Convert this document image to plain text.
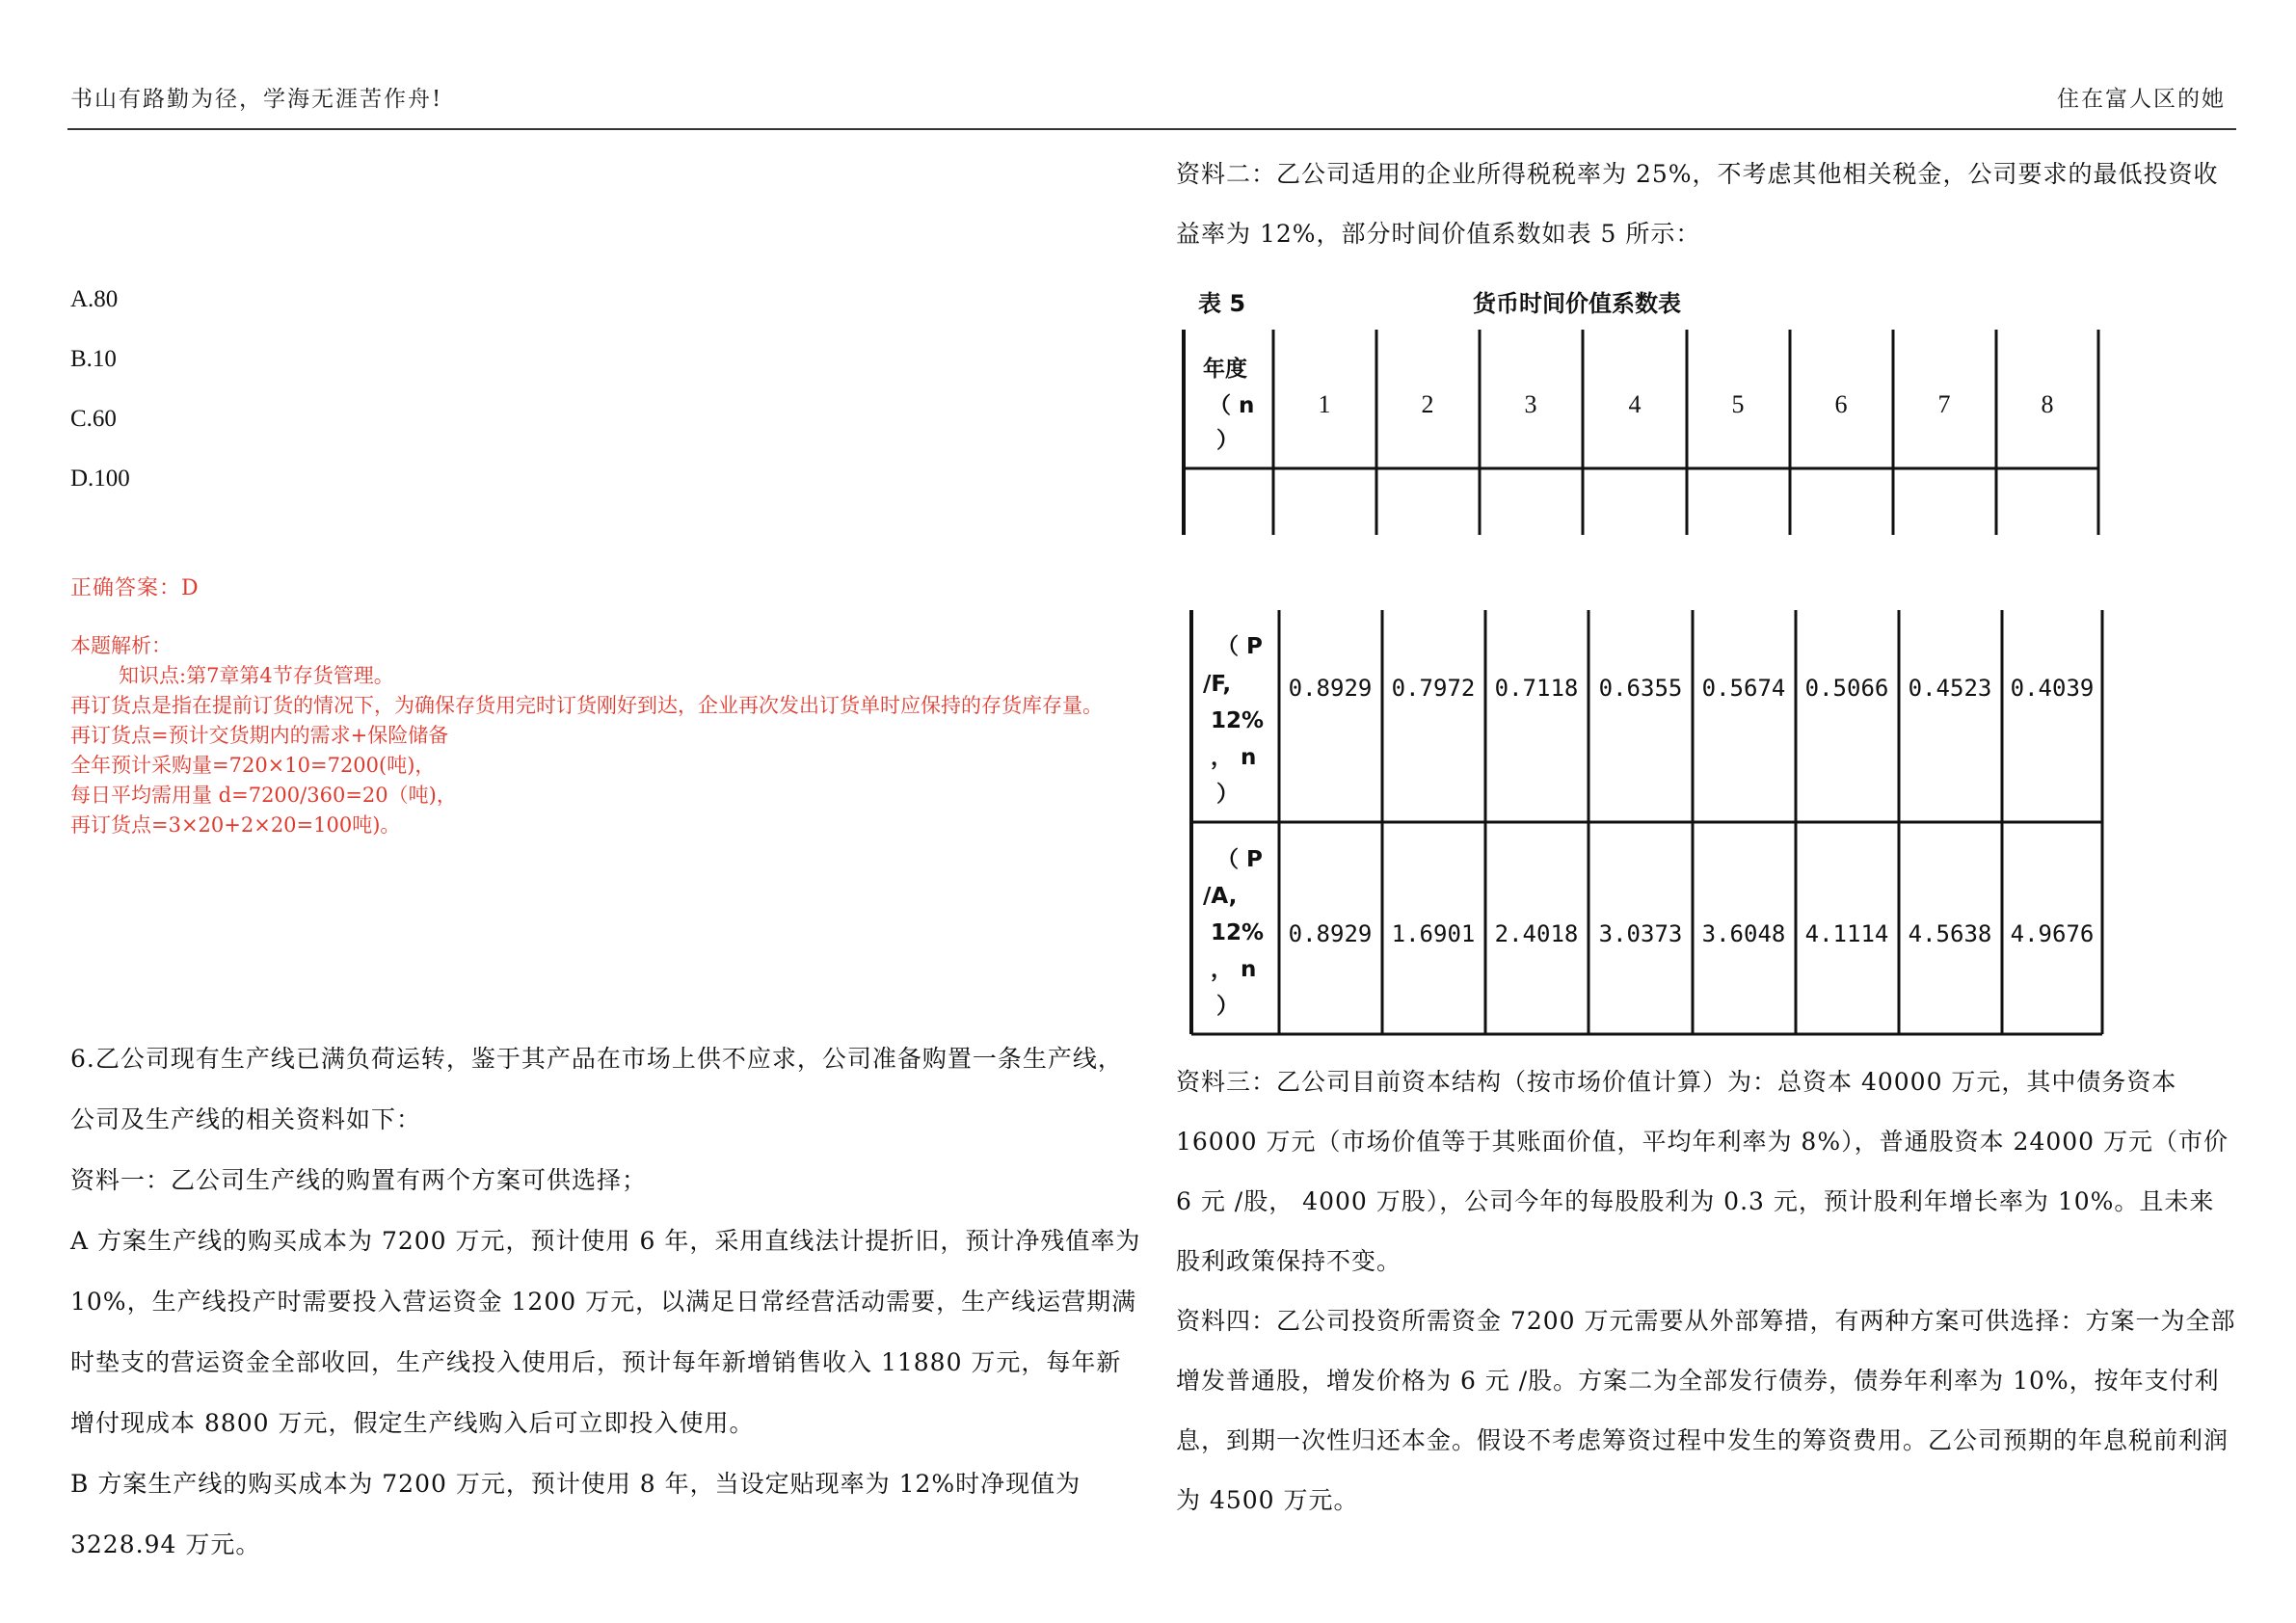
书山有路勤为径，学海无涯苦作舟!	住在富人区的她
A.80
B.10
C.60
D.100
正确答案：D
本题解析：
知识点:第7章第4节存货管理。
再订货点是指在提前订货的情况下，为确保存货用完时订货刚好到达，企业再次发出订货单时应保持的存货库存量。
再订货点=预计交货期内的需求+保险储备
全年预计采购量=720×10=7200(吨)，
每日平均需用量 d=7200/360=20（吨)，
再订货点=3×20+2×20=100吨)。

6.乙公司现有生产线已满负荷运转，鉴于其产品在市场上供不应求，公司准备购置一条生产线，公司及生产线的相关资料如下：

资料一：乙公司生产线的购置有两个方案可供选择；

A 方案生产线的购买成本为 7200 万元，预计使用 6 年，采用直线法计提折旧，预计净残值率为 10%，生产线投产时需要投入营运资金 1200 万元，以满足日常经营活动需要，生产线运营期满时垫支的营运资金全部收回，生产线投入使用后，预计每年新增销售收入 11880 万元，每年新增付现成本 8800 万元，假定生产线购入后可立即投入使用。

B 方案生产线的购买成本为 7200 万元，预计使用 8 年，当设定贴现率为 12%时净现值为 3228.94 万元。

资料二：乙公司适用的企业所得税税率为 25%，不考虑其他相关税金，公司要求的最低投资收益率为 12%，部分时间价值系数如表 5 所示：

表 5	货币时间价值系数表
年度
（ n
）
1	2	3	4	5	6	7	8
（ P
/F,
12%
， n
）
0.8929 0.7972 0.7118 0.6355 0.5674 0.5066 0.4523 0.4039
（ P
/A,
12%
， n
）
0.8929 1.6901 2.4018 3.0373 3.6048 4.1114 4.5638 4.9676

资料三：乙公司目前资本结构（按市场价值计算）为：总资本 40000 万元，其中债务资本 16000 万元（市场价值等于其账面价值，平均年利率为 8%），普通股资本 24000 万元（市价 6 元 /股， 4000 万股），公司今年的每股股利为 0.3 元，预计股利年增长率为 10%。且未来股利政策保持不变。

资料四：乙公司投资所需资金 7200 万元需要从外部筹措，有两种方案可供选择：方案一为全部增发普通股，增发价格为 6 元 /股。方案二为全部发行债券，债券年利率为 10%，按年支付利息，到期一次性归还本金。假设不考虑筹资过程中发生的筹资费用。乙公司预期的年息税前利润为 4500 万元。
